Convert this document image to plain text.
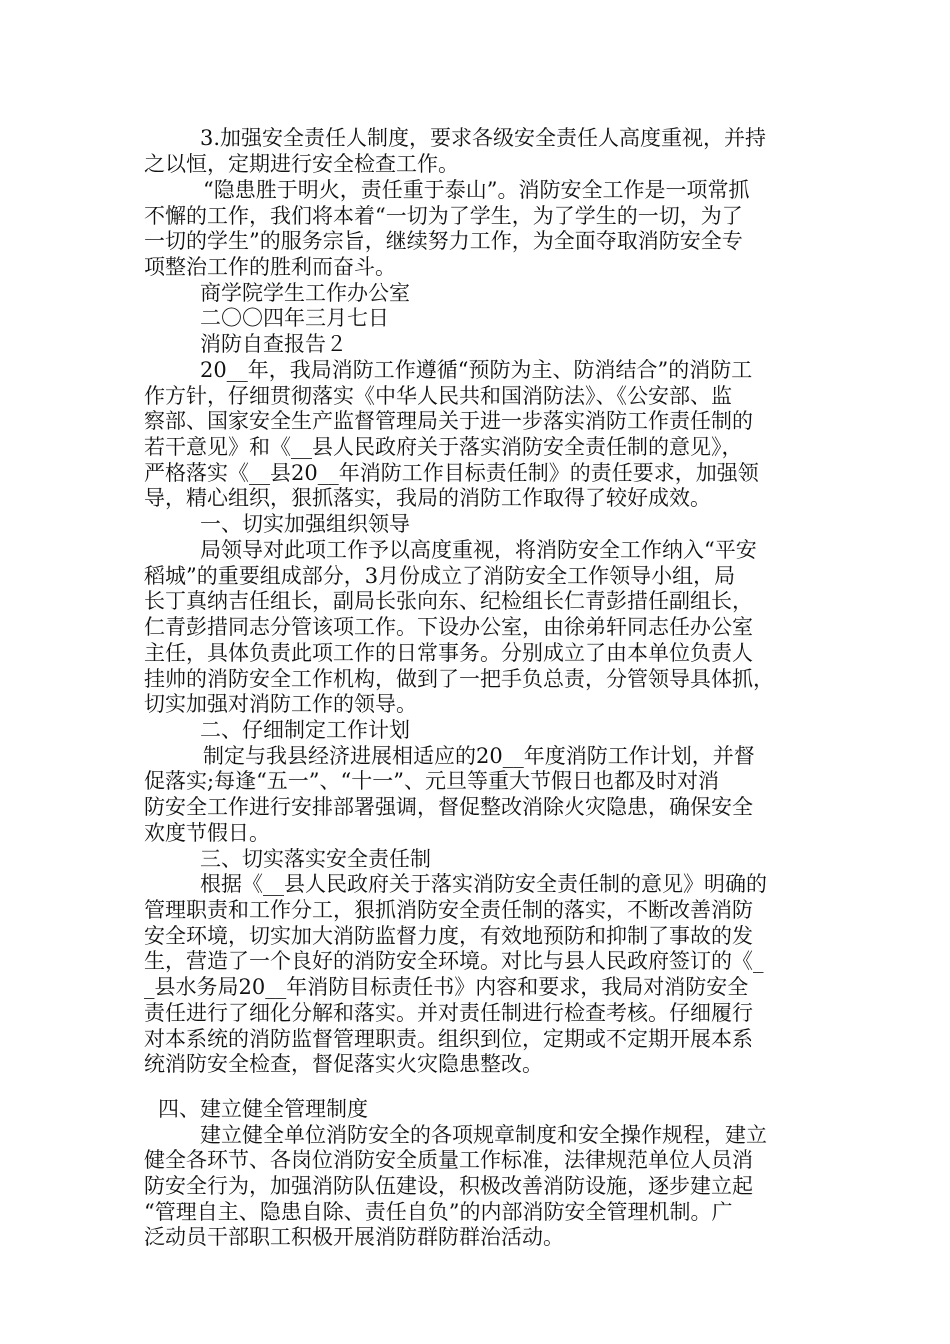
3.加强安全责任人制度，要求各级安全责任人高度重视，并持
之以恒，定期进行安全检查工作。
“隐患胜于明火，责任重于泰山”。消防安全工作是一项常抓
不懈的工作，我们将本着“一切为了学生，为了学生的一切，为了
一切的学生”的服务宗旨，继续努力工作，为全面夺取消防安全专
项整治工作的胜利而奋斗。
商学院学生工作办公室
二〇〇四年三月七日
消防自查报告２
20__年，我局消防工作遵循“预防为主、防消结合”的消防工
作方针，仔细贯彻落实《中华人民共和国消防法》、《公安部、监
察部、国家安全生产监督管理局关于进一步落实消防工作责任制的
若干意见》和《__县人民政府关于落实消防安全责任制的意见》，
严格落实《__县20__年消防工作目标责任制》的责任要求，加强领
导，精心组织，狠抓落实，我局的消防工作取得了较好成效。
一、切实加强组织领导
局领导对此项工作予以高度重视，将消防安全工作纳入“平安
稻城”的重要组成部分，3月份成立了消防安全工作领导小组，局
长丁真纳吉任组长，副局长张向东、纪检组长仁青彭措任副组长，
仁青彭措同志分管该项工作。下设办公室，由徐弟轩同志任办公室
主任，具体负责此项工作的日常事务。分别成立了由本单位负责人
挂帅的消防安全工作机构，做到了一把手负总责，分管领导具体抓，
切实加强对消防工作的领导。
二、仔细制定工作计划
制定与我县经济进展相适应的20__年度消防工作计划，并督
促落实;每逢“五一”、“十一”、元旦等重大节假日也都及时对消
防安全工作进行安排部署强调，督促整改消除火灾隐患，确保安全
欢度节假日。
三、切实落实安全责任制
根据《__县人民政府关于落实消防安全责任制的意见》明确的
管理职责和工作分工，狠抓消防安全责任制的落实，不断改善消防
安全环境，切实加大消防监督力度，有效地预防和抑制了事故的发
生，营造了一个良好的消防安全环境。对比与县人民政府签订的《_
_县水务局20__年消防目标责任书》内容和要求，我局对消防安全
责任进行了细化分解和落实。并对责任制进行检查考核。仔细履行
对本系统的消防监督管理职责。组织到位，定期或不定期开展本系
统消防安全检查，督促落实火灾隐患整改。
四、建立健全管理制度
建立健全单位消防安全的各项规章制度和安全操作规程，建立
健全各环节、各岗位消防安全质量工作标准，法律规范单位人员消
防安全行为，加强消防队伍建设，积极改善消防设施，逐步建立起
“管理自主、隐患自除、责任自负”的内部消防安全管理机制。广
泛动员干部职工积极开展消防群防群治活动。
